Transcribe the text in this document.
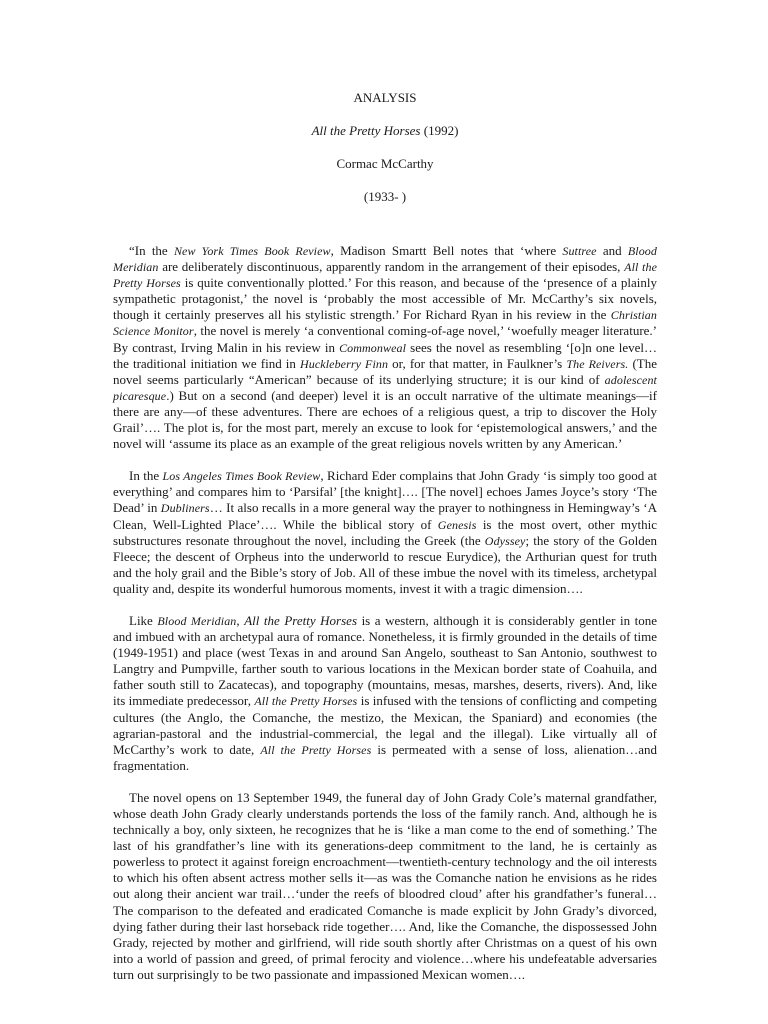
ANALYSIS

All the Pretty Horses (1992)

Cormac McCarthy

(1933- )

“In the New York Times Book Review, Madison Smartt Bell notes that ‘where Suttree and Blood Meridian are deliberately discontinuous, apparently random in the arrangement of their episodes, All the Pretty Horses is quite conventionally plotted.’ For this reason, and because of the ‘presence of a plainly sympathetic protagonist,’ the novel is ‘probably the most accessible of Mr. McCarthy’s six novels, though it certainly preserves all his stylistic strength.’ For Richard Ryan in his review in the Christian Science Monitor, the novel is merely ‘a conventional coming-of-age novel,’ ‘woefully meager literature.’ By contrast, Irving Malin in his review in Commonweal sees the novel as resembling ‘[o]n one level…the traditional initiation we find in Huckleberry Finn or, for that matter, in Faulkner’s The Reivers. (The novel seems particularly “American” because of its underlying structure; it is our kind of adolescent picaresque.) But on a second (and deeper) level it is an occult narrative of the ultimate meanings—if there are any—of these adventures. There are echoes of a religious quest, a trip to discover the Holy Grail’…. The plot is, for the most part, merely an excuse to look for ‘epistemological answers,’ and the novel will ‘assume its place as an example of the great religious novels written by any American.’

In the Los Angeles Times Book Review, Richard Eder complains that John Grady ‘is simply too good at everything’ and compares him to ‘Parsifal’ [the knight]…. [The novel] echoes James Joyce’s story ‘The Dead’ in Dubliners… It also recalls in a more general way the prayer to nothingness in Hemingway’s ‘A Clean, Well-Lighted Place’…. While the biblical story of Genesis is the most overt, other mythic substructures resonate throughout the novel, including the Greek (the Odyssey; the story of the Golden Fleece; the descent of Orpheus into the underworld to rescue Eurydice), the Arthurian quest for truth and the holy grail and the Bible’s story of Job. All of these imbue the novel with its timeless, archetypal quality and, despite its wonderful humorous moments, invest it with a tragic dimension….

Like Blood Meridian, All the Pretty Horses is a western, although it is considerably gentler in tone and imbued with an archetypal aura of romance. Nonetheless, it is firmly grounded in the details of time (1949-1951) and place (west Texas in and around San Angelo, southeast to San Antonio, southwest to Langtry and Pumpville, farther south to various locations in the Mexican border state of Coahuila, and father south still to Zacatecas), and topography (mountains, mesas, marshes, deserts, rivers). And, like its immediate predecessor, All the Pretty Horses is infused with the tensions of conflicting and competing cultures (the Anglo, the Comanche, the mestizo, the Mexican, the Spaniard) and economies (the agrarian-pastoral and the industrial-commercial, the legal and the illegal). Like virtually all of McCarthy’s work to date, All the Pretty Horses is permeated with a sense of loss, alienation…and fragmentation.

The novel opens on 13 September 1949, the funeral day of John Grady Cole’s maternal grandfather, whose death John Grady clearly understands portends the loss of the family ranch. And, although he is technically a boy, only sixteen, he recognizes that he is ‘like a man come to the end of something.’ The last of his grandfather’s line with its generations-deep commitment to the land, he is certainly as powerless to protect it against foreign encroachment—twentieth-century technology and the oil interests to which his often absent actress mother sells it—as was the Comanche nation he envisions as he rides out along their ancient war trail…‘under the reefs of bloodred cloud’ after his grandfather’s funeral… The comparison to the defeated and eradicated Comanche is made explicit by John Grady’s divorced, dying father during their last horseback ride together…. And, like the Comanche, the dispossessed John Grady, rejected by mother and girlfriend, will ride south shortly after Christmas on a quest of his own into a world of passion and greed, of primal ferocity and violence…where his undefeatable adversaries turn out surprisingly to be two passionate and impassioned Mexican women….
